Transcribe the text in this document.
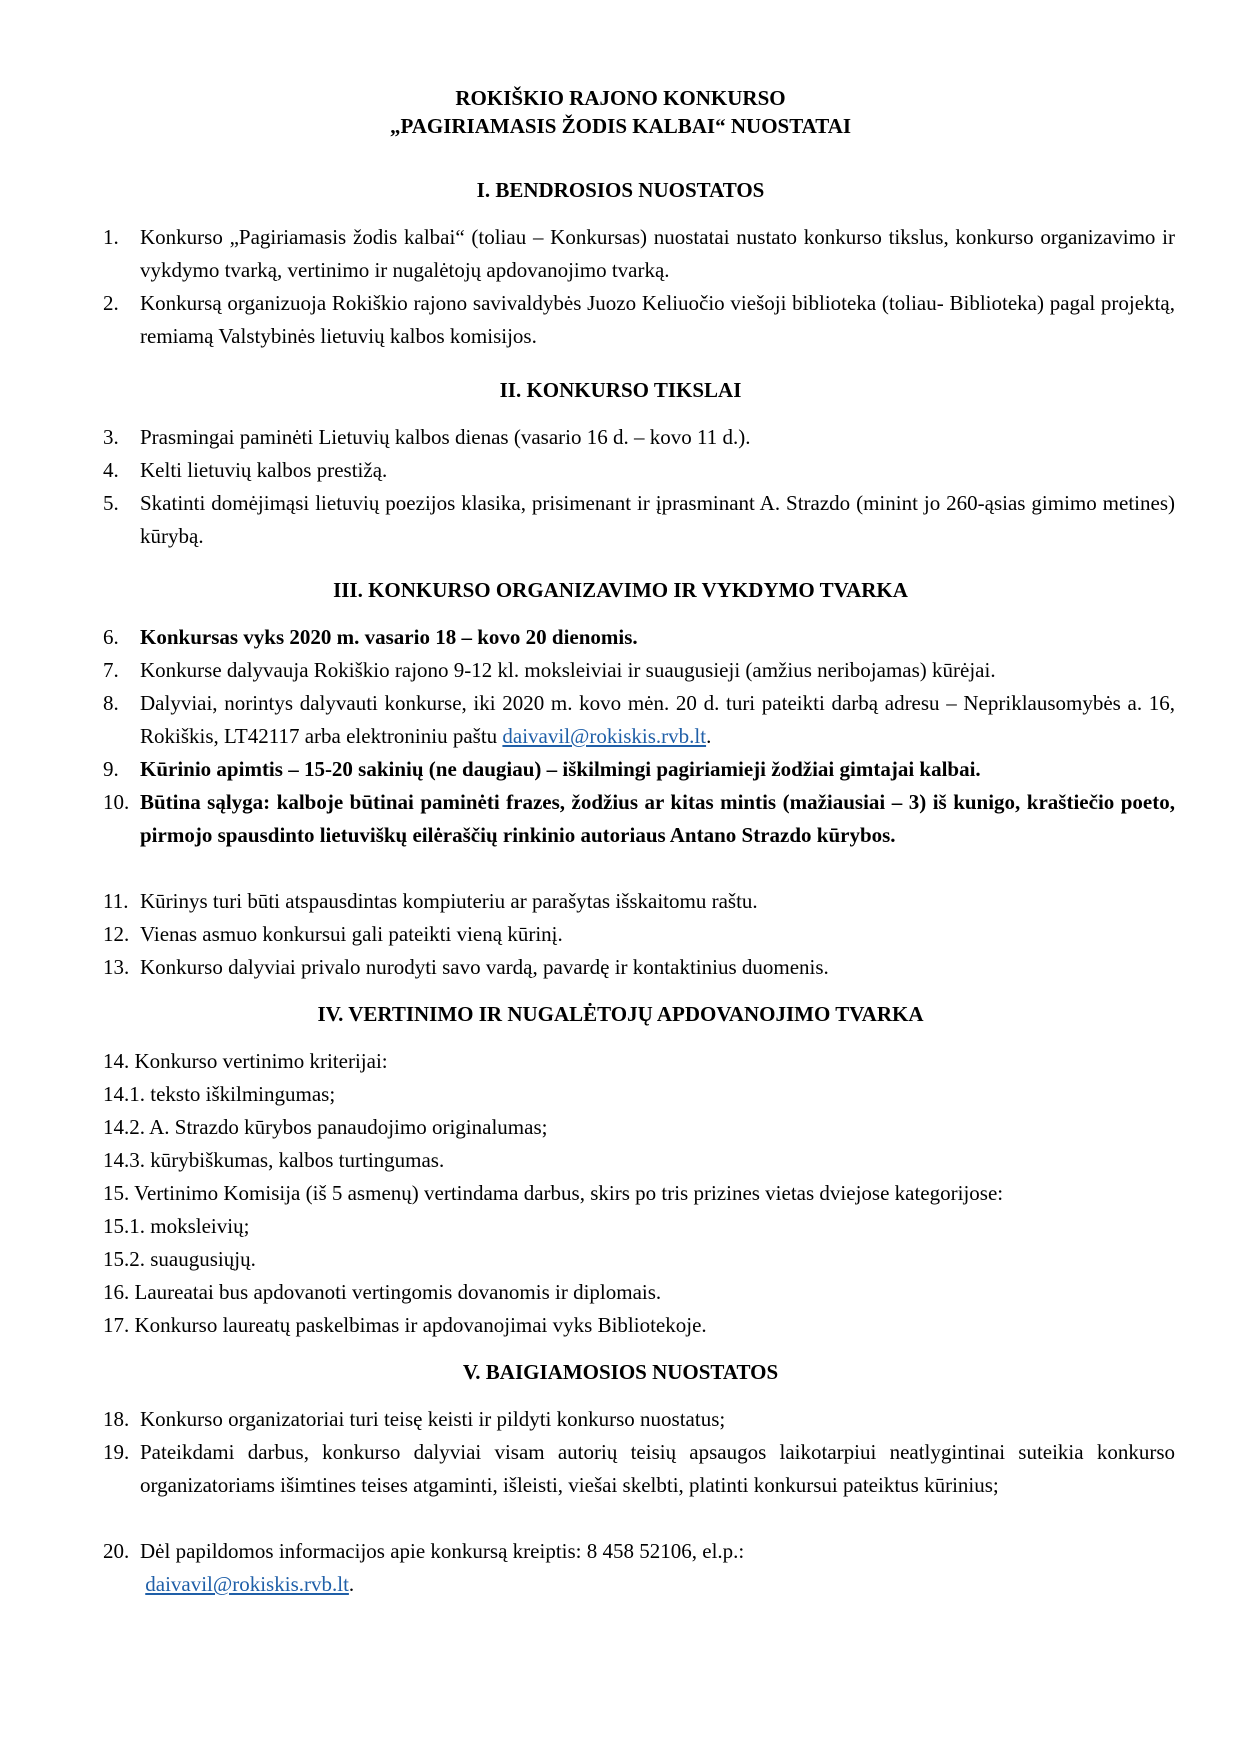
ROKIŠKIO RAJONO KONKURSO
„PAGIRIAMASIS ŽODIS KALBAI“ NUOSTATAI
I. BENDROSIOS NUOSTATOS
1. Konkurso „Pagiriamasis žodis kalbai“ (toliau – Konkursas) nuostatai nustato konkurso tikslus, konkurso organizavimo ir vykdymo tvarką, vertinimo ir nugalėtojų apdovanojimo tvarką.
2. Konkursą organizuoja Rokiškio rajono savivaldybės Juozo Keliuočio viešoji biblioteka (toliau- Biblioteka) pagal projektą, remiamą Valstybinės lietuvių kalbos komisijos.
II. KONKURSO TIKSLAI
3. Prasmingai paminėti Lietuvių kalbos dienas (vasario 16 d. – kovo 11 d.).
4. Kelti lietuvių kalbos prestižą.
5. Skatinti domėjimąsi lietuvių poezijos klasika, prisimenant ir įprasminant A. Strazdo (minint jo 260-ąsias gimimo metines) kūrybą.
III. KONKURSO ORGANIZAVIMO IR VYKDYMO TVARKA
6. Konkursas vyks 2020 m. vasario 18 – kovo 20 dienomis.
7. Konkurse dalyvauja Rokiškio rajono 9-12 kl. moksleiviai ir suaugusieji (amžius neribojamas) kūrėjai.
8. Dalyviai, norintys dalyvauti konkurse, iki 2020 m. kovo mėn. 20 d. turi pateikti darbą adresu – Nepriklausomybės a. 16, Rokiškis, LT42117 arba elektroniniu paštu daivavil@rokiskis.rvb.lt.
9. Kūrinio apimtis – 15-20 sakinių (ne daugiau) – iškilmingi pagiriamieji žodžiai gimtajai kalbai.
10. Būtina sąlyga: kalboje būtinai paminėti frazes, žodžius ar kitas mintis (mažiausiai – 3) iš kunigo, kraštiečio poeto, pirmojo spausdinto lietuviškų eilėraščių rinkinio autoriaus Antano Strazdo kūrybos.
11. Kūrinys turi būti atspausdintas kompiuteriu ar parašytas išskaitomu raštu.
12. Vienas asmuo konkursui gali pateikti vieną kūrinį.
13. Konkurso dalyviai privalo nurodyti savo vardą, pavardę ir kontaktinius duomenis.
IV. VERTINIMO IR NUGALĖTOJŲ APDOVANOJIMO TVARKA
14. Konkurso vertinimo kriterijai:
14.1. teksto iškilmingumas;
14.2. A. Strazdo kūrybos panaudojimo originalumas;
14.3. kūrybiškumas, kalbos turtingumas.
15. Vertinimo Komisija (iš 5 asmenų) vertindama darbus, skirs po tris prizines vietas dviejose kategorijose:
15.1. moksleivių;
15.2. suaugusiųjų.
16. Laureatai bus apdovanoti vertingomis dovanomis ir diplomais.
17. Konkurso laureatų paskelbimas ir apdovanojimai vyks Bibliotekoje.
V. BAIGIAMOSIOS NUOSTATOS
18. Konkurso organizatoriai turi teisę keisti ir pildyti konkurso nuostatus;
19. Pateikdami darbus, konkurso dalyviai visam autorių teisių apsaugos laikotarpiui neatlygintinai suteikia konkurso organizatoriams išimtines teises atgaminti, išleisti, viešai skelbti, platinti konkursui pateiktus kūrinius;
20. Dėl papildomos informacijos apie konkursą kreiptis: 8 458 52106, el.p.:
daivavil@rokiskis.rvb.lt.
